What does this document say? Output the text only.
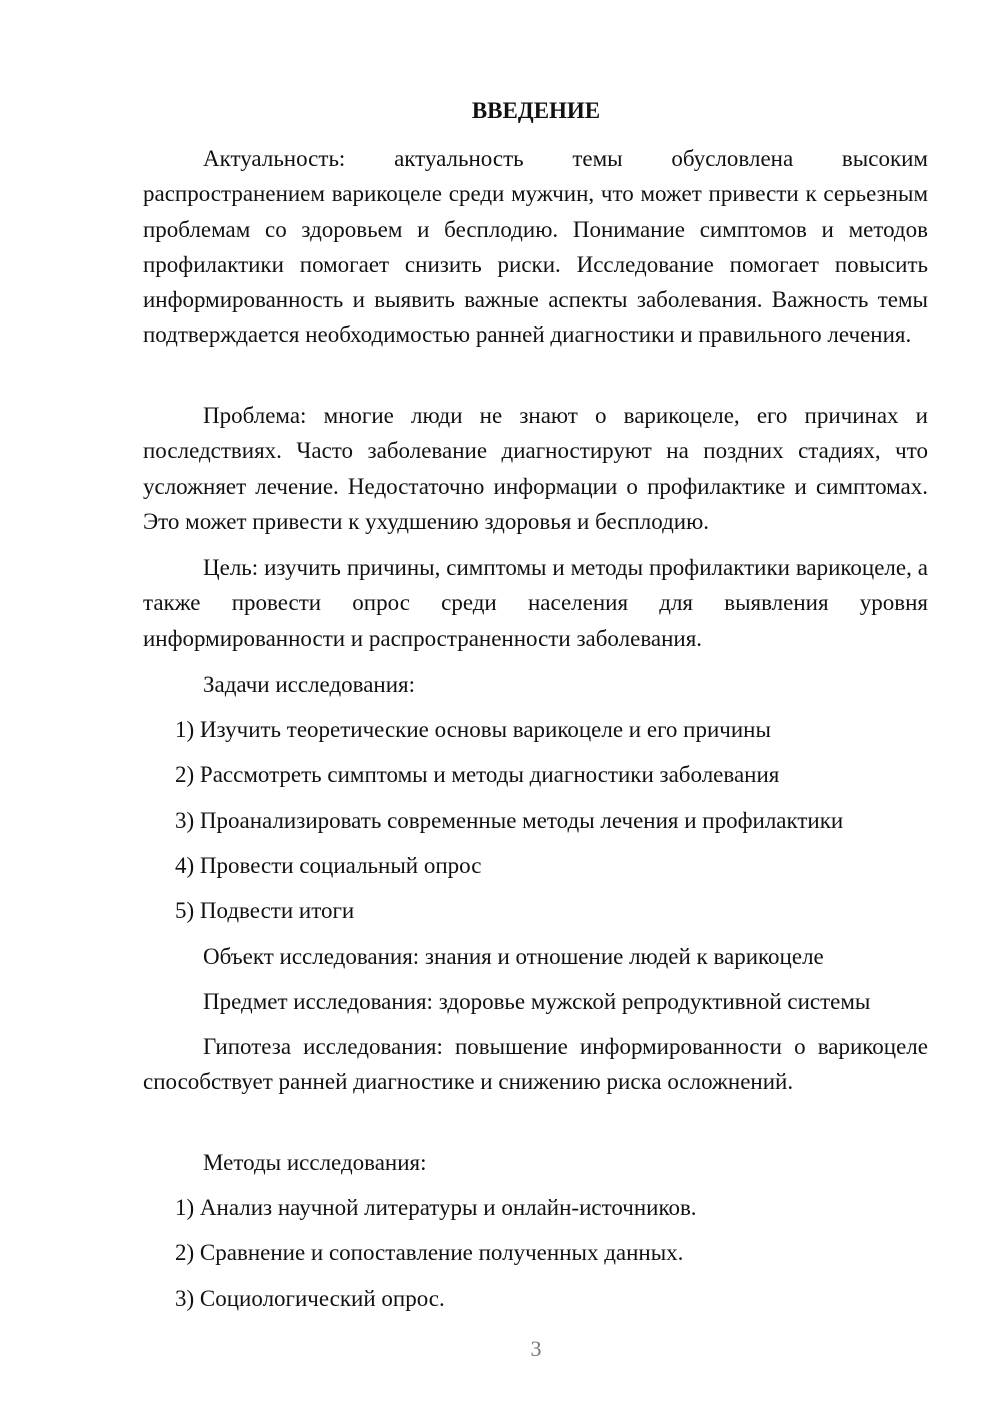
ВВЕДЕНИЕ

Актуальность: актуальность темы обусловлена высоким распространением варикоцеле среди мужчин, что может привести к серьезным проблемам со здоровьем и бесплодию. Понимание симптомов и методов профилактики помогает снизить риски. Исследование помогает повысить информированность и выявить важные аспекты заболевания. Важность темы подтверждается необходимостью ранней диагностики и правильного лечения.

Проблема: многие люди не знают о варикоцеле, его причинах и последствиях. Часто заболевание диагностируют на поздних стадиях, что усложняет лечение. Недостаточно информации о профилактике и симптомах. Это может привести к ухудшению здоровья и бесплодию.

Цель: изучить причины, симптомы и методы профилактики варикоцеле, а также провести опрос среди населения для выявления уровня информированности и распространенности заболевания.

Задачи исследования:

1) Изучить теоретические основы варикоцеле и его причины

2) Рассмотреть симптомы и методы диагностики заболевания

3) Проанализировать современные методы лечения и профилактики

4) Провести социальный опрос

5) Подвести итоги

Объект исследования: знания и отношение людей к варикоцеле

Предмет исследования: здоровье мужской репродуктивной системы

Гипотеза исследования: повышение информированности о варикоцеле способствует ранней диагностике и снижению риска осложнений.

Методы исследования:

1) Анализ научной литературы и онлайн-источников.

2) Сравнение и сопоставление полученных данных.

3) Социологический опрос.

3
